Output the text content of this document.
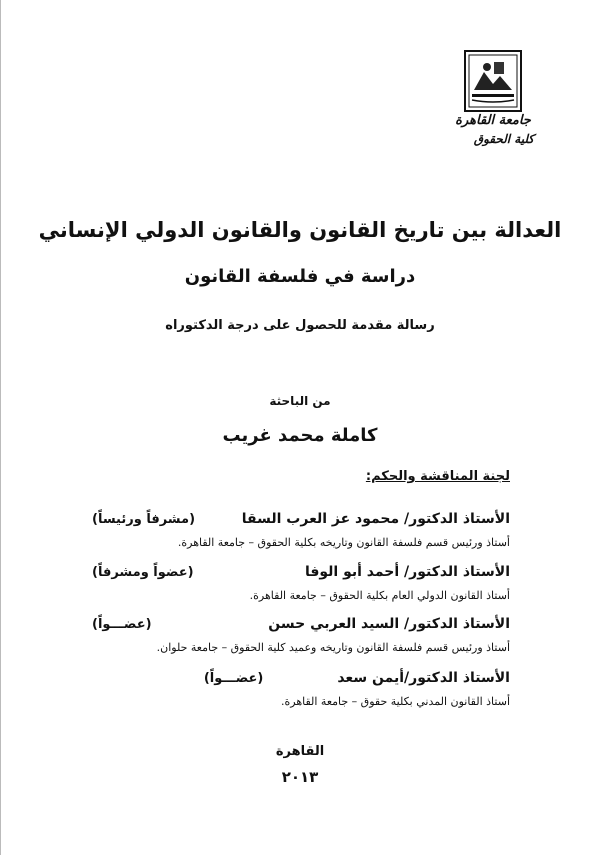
جامعة القاهرة
كلية الحقوق
العدالة بين تاريخ القانون والقانون الدولي الإنساني
دراسة في فلسفة القانون
رسالة مقدمة للحصول على درجة الدكتوراه
من الباحثة
كاملة محمد غريب
لجنة المناقشة والحكم:
الأستاذ الدكتور/ محمود عز العرب السقا
(مشرفاً ورئيساً)
أستاذ ورئيس قسم فلسفة القانون وتاريخه بكلية الحقوق – جامعة القاهرة.
الأستاذ الدكتور/ أحمد أبو الوفا
(عضواً ومشرفاً)
أستاذ القانون الدولي العام بكلية الحقوق – جامعة القاهرة.
الأستاذ الدكتور/ السيد العربي حسن
(عضـــواً)
أستاذ ورئيس قسم فلسفة القانون وتاريخه وعميد كلية الحقوق – جامعة حلوان.
الأستاذ الدكتور/أيمن سعد
(عضـــواً)
أستاذ القانون المدني بكلية حقوق – جامعة القاهرة.
القاهرة
٢٠١٣
